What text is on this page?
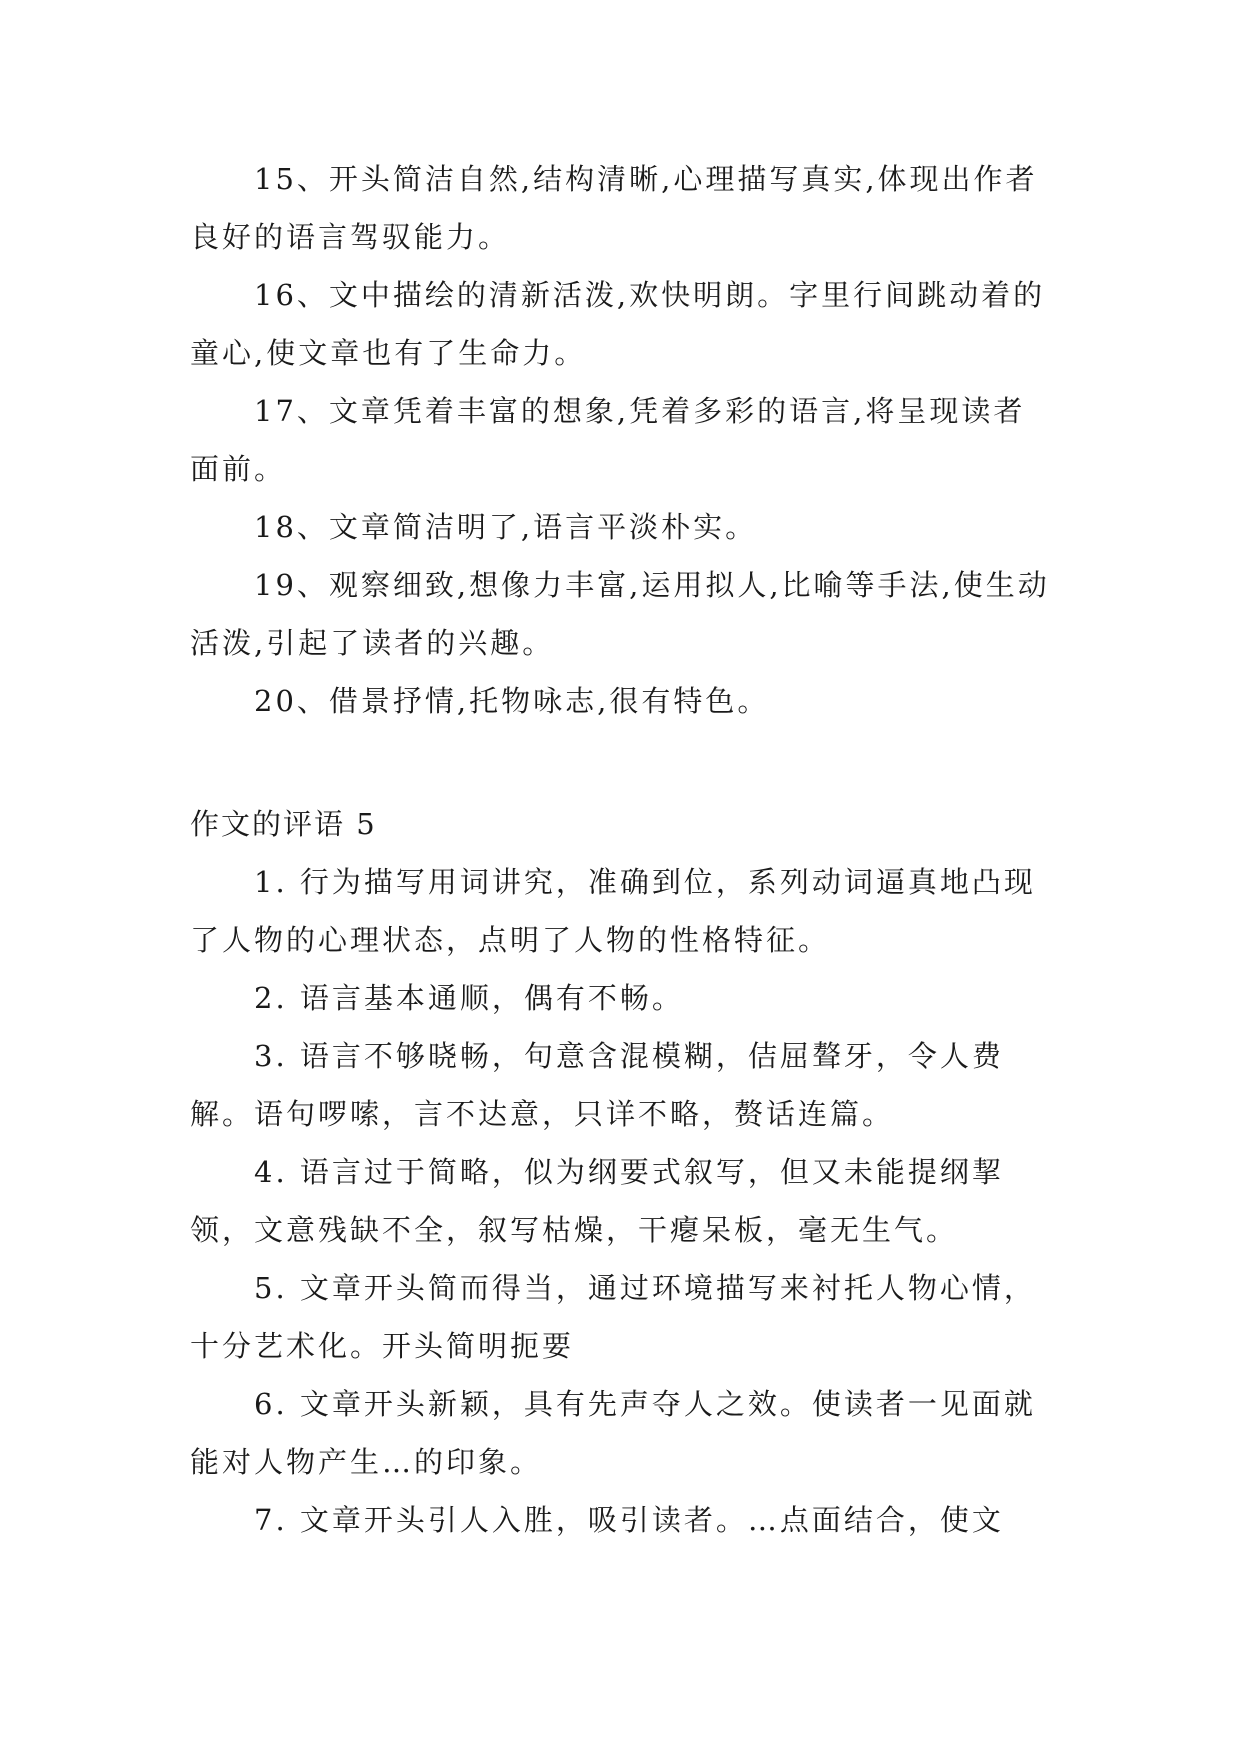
15、开头简洁自然,结构清晰,心理描写真实,体现出作者良好的语言驾驭能力。

16、文中描绘的清新活泼,欢快明朗。字里行间跳动着的童心,使文章也有了生命力。

17、文章凭着丰富的想象,凭着多彩的语言,将呈现读者面前。

18、文章简洁明了,语言平淡朴实。

19、观察细致,想像力丰富,运用拟人,比喻等手法,使生动活泼,引起了读者的兴趣。

20、借景抒情,托物咏志,很有特色。

作文的评语 5

1. 行为描写用词讲究，准确到位，系列动词逼真地凸现了人物的心理状态，点明了人物的性格特征。

2. 语言基本通顺，偶有不畅。

3. 语言不够晓畅，句意含混模糊，佶屈聱牙，令人费解。语句啰嗦，言不达意，只详不略，赘话连篇。

4. 语言过于简略，似为纲要式叙写，但又未能提纲挈领，文意残缺不全，叙写枯燥，干瘪呆板，毫无生气。

5. 文章开头简而得当，通过环境描写来衬托人物心情，十分艺术化。开头简明扼要

6. 文章开头新颖，具有先声夺人之效。使读者一见面就能对人物产生…的印象。

7. 文章开头引人入胜，吸引读者。…点面结合，使文
